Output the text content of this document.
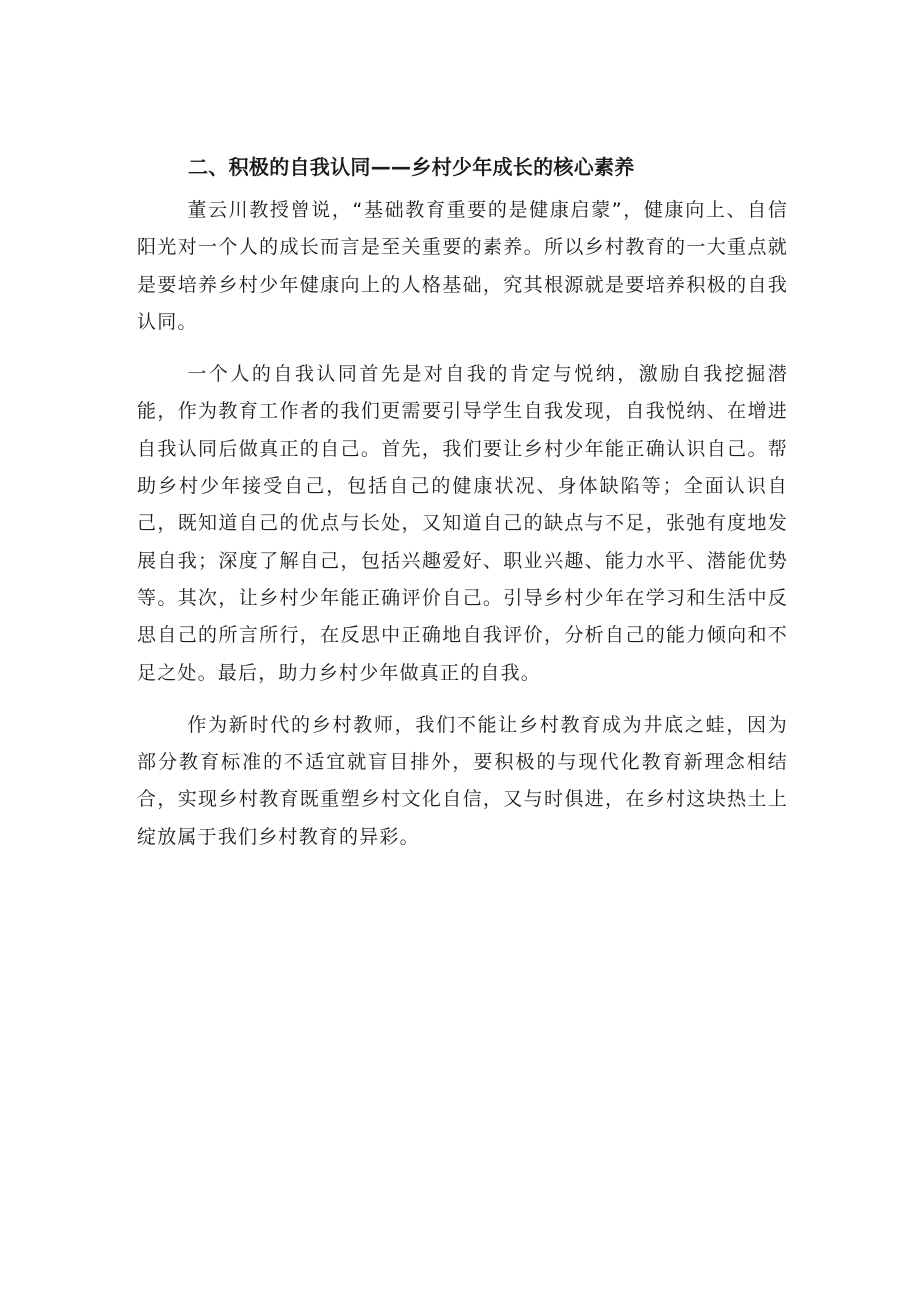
二、积极的自我认同——乡村少年成长的核心素养

董云川教授曾说，“基础教育重要的是健康启蒙”，健康向上、自信阳光对一个人的成长而言是至关重要的素养。所以乡村教育的一大重点就是要培养乡村少年健康向上的人格基础，究其根源就是要培养积极的自我认同。

一个人的自我认同首先是对自我的肯定与悦纳，激励自我挖掘潜能，作为教育工作者的我们更需要引导学生自我发现，自我悦纳、在增进自我认同后做真正的自己。首先，我们要让乡村少年能正确认识自己。帮助乡村少年接受自己，包括自己的健康状况、身体缺陷等；全面认识自己，既知道自己的优点与长处，又知道自己的缺点与不足，张弛有度地发展自我；深度了解自己，包括兴趣爱好、职业兴趣、能力水平、潜能优势等。其次，让乡村少年能正确评价自己。引导乡村少年在学习和生活中反思自己的所言所行，在反思中正确地自我评价，分析自己的能力倾向和不足之处。最后，助力乡村少年做真正的自我。

作为新时代的乡村教师，我们不能让乡村教育成为井底之蛙，因为部分教育标准的不适宜就盲目排外，要积极的与现代化教育新理念相结合，实现乡村教育既重塑乡村文化自信，又与时俱进，在乡村这块热土上绽放属于我们乡村教育的异彩。
